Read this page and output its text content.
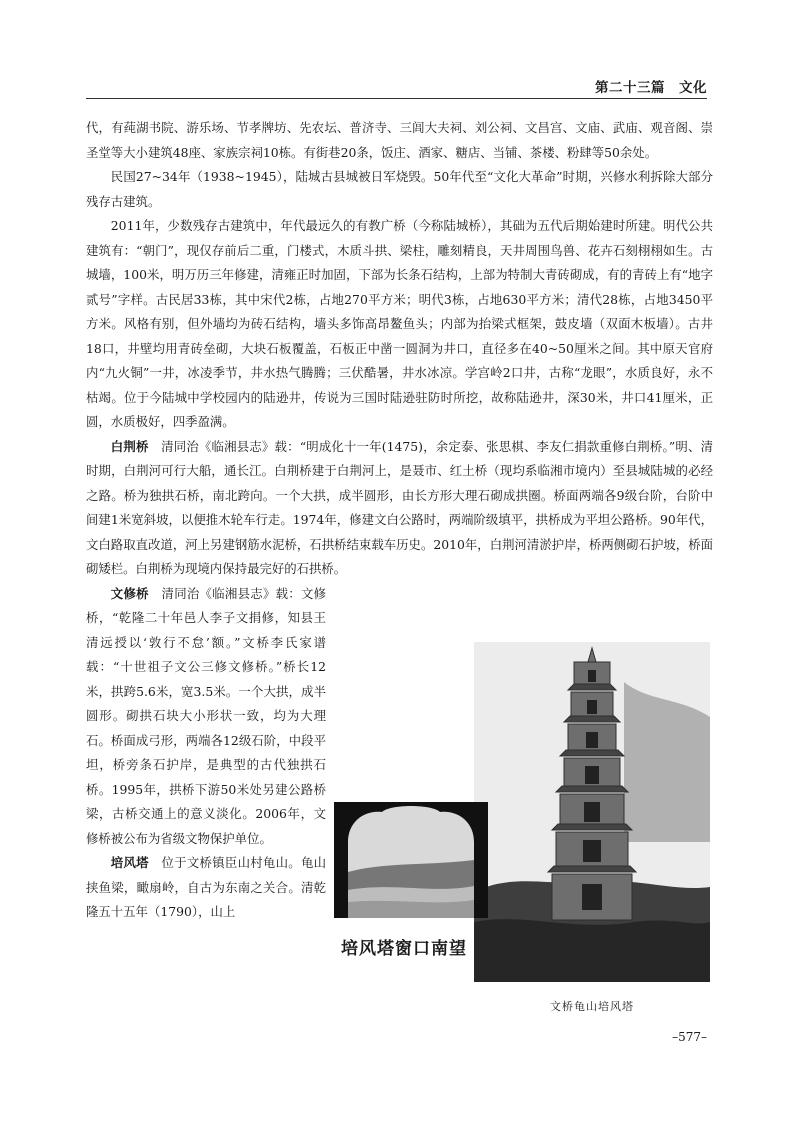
第二十三篇　文化

代，有莼湖书院、游乐场、节孝牌坊、先农坛、普济寺、三闾大夫祠、刘公祠、文昌宫、文庙、武庙、观音阁、崇圣堂等大小建筑48座、家族宗祠10栋。有街巷20条，饭庄、酒家、糖店、当铺、茶楼、粉肆等50余处。

民国27~34年（1938~1945），陆城古县城被日军烧毁。50年代至“文化大革命”时期，兴修水利拆除大部分残存古建筑。

2011年，少数残存古建筑中，年代最远久的有教广桥（今称陆城桥），其础为五代后期始建时所建。明代公共建筑有：“朝门”，现仅存前后二重，门楼式，木质斗拱、梁柱，雕刻精良，天井周围鸟兽、花卉石刻栩栩如生。古城墙，100米，明万历三年修建，清雍正时加固，下部为长条石结构，上部为特制大青砖砌成，有的青砖上有“地字贰号”字样。古民居33栋，其中宋代2栋，占地270平方米；明代3栋，占地630平方米；清代28栋，占地3450平方米。风格有别，但外墙均为砖石结构，墙头多饰高昂鳌鱼头；内部为抬梁式框架，鼓皮墙（双面木板墙）。古井18口，井壁均用青砖垒砌，大块石板覆盖，石板正中凿一圆洞为井口，直径多在40~50厘米之间。其中原天官府内“九火铜”一井，冰凌季节，井水热气腾腾；三伏酷暑，井水冰凉。学宫岭2口井，古称“龙眼”，水质良好，永不枯竭。位于今陆城中学校园内的陆逊井，传说为三国时陆逊驻防时所挖，故称陆逊井，深30米，井口41厘米，正圆，水质极好，四季盈满。

白荆桥　 清同治《临湘县志》载：“明成化十一年(1475)，余定泰、张思棋、李友仁捐款重修白荆桥。”明、清时期，白荆河可行大船，通长江。白荆桥建于白荆河上，是聂市、红土桥（现均系临湘市境内）至县城陆城的必经之路。桥为独拱石桥，南北跨向。一个大拱，成半圆形，由长方形大理石砌成拱圈。桥面两端各9级台阶，台阶中间建1米宽斜坡，以便推木轮车行走。1974年，修建文白公路时，两端阶级填平，拱桥成为平坦公路桥。90年代，文白路取直改道，河上另建钢筋水泥桥，石拱桥结束载车历史。2010年，白荆河清淤护岸，桥两侧砌石护坡，桥面砌矮栏。白荆桥为现境内保持最完好的石拱桥。

文修桥　 清同治《临湘县志》载：文修桥，“乾隆二十年邑人李子文捐修，知县王清远授以‘敦行不怠’额。”文桥李氏家谱载：“十世祖子文公三修文修桥。”桥长12米，拱跨5.6米，宽3.5米。一个大拱，成半圆形。砌拱石块大小形状一致，均为大理石。桥面成弓形，两端各12级石阶，中段平坦，桥旁条石护岸，是典型的古代独拱石桥。1995年，拱桥下游50米处另建公路桥梁，古桥交通上的意义淡化。2006年，文修桥被公布为省级文物保护单位。

培风塔　 位于文桥镇臣山村龟山。龟山挟鱼梁，瞰扇岭，自古为东南之关合。清乾隆五十五年（1790），山上

培风塔窗口南望
文桥龟山培风塔
–577–
